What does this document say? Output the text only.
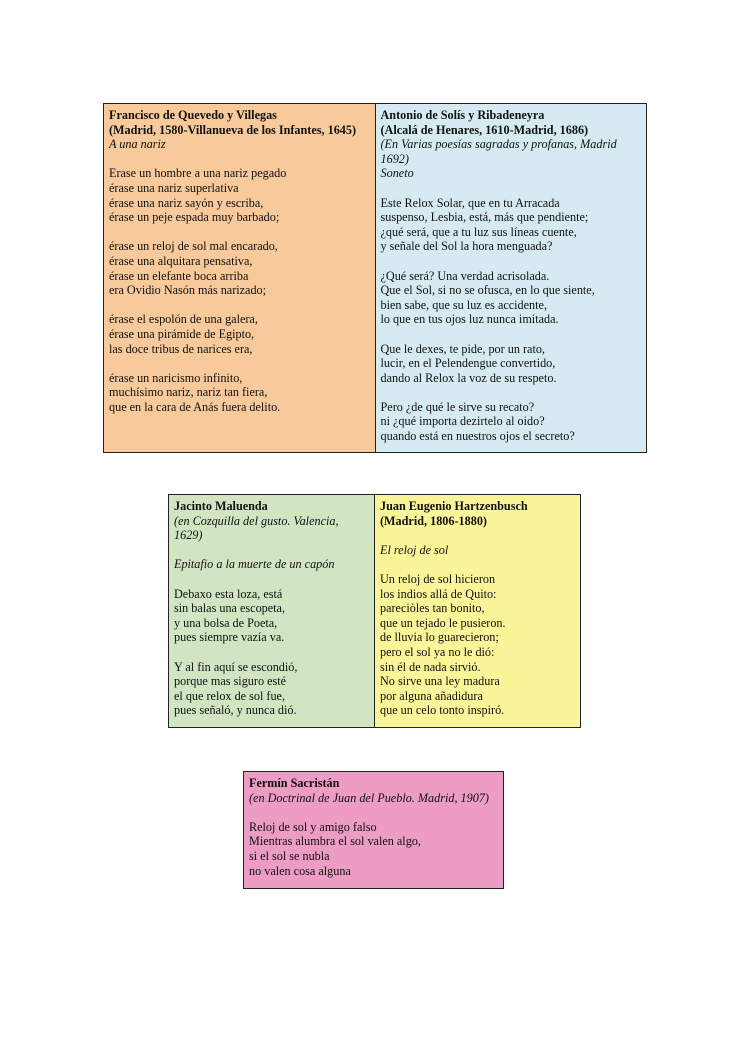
Francisco de Quevedo y Villegas
(Madrid, 1580-Villanueva de los Infantes, 1645)
A una nariz
Erase un hombre a una nariz pegado
érase una nariz superlativa
érase una nariz sayón y escriba,
érase un peje espada muy barbado;
érase un reloj de sol mal encarado,
érase una alquitara pensativa,
érase un elefante boca arriba
era Ovidio Nasón más narizado;
érase el espolón de una galera,
érase una pirámide de Egipto,
las doce tribus de narices era,
érase un naricismo infinito,
muchísimo nariz, nariz tan fiera,
que en la cara de Anás fuera delito.

Antonio de Solís y Ribadeneyra
(Alcalá de Henares, 1610-Madrid, 1686)
(En Varias poesías sagradas y profanas, Madrid 1692)
Soneto
Este Relox Solar, que en tu Arracada
suspenso, Lesbia, está, más que pendiente;
¿qué será, que a tu luz sus líneas cuente,
y señale del Sol la hora menguada?
¿Qué será? Una verdad acrisolada.
Que el Sol, si no se ofusca, en lo que siente,
bien sabe, que su luz es accidente,
lo que en tus ojos luz nunca imitada.
Que le dexes, te pide, por un rato,
lucir, en el Pelendengue convertido,
dando al Relox la voz de su respeto.
Pero ¿de qué le sirve su recato?
ni ¿qué importa dezirtelo al oido?
quando está en nuestros ojos el secreto?
Jacinto Maluenda
(en Cozquilla del gusto. Valencia, 1629)
Epitafio a la muerte de un capón
Debaxo esta loza, está
sin balas una escopeta,
y una bolsa de Poeta,
pues siempre vazía va.
Y al fin aquí se escondió,
porque mas siguro esté
el que relox de sol fue,
pues señaló, y nunca dió.

Juan Eugenio Hartzenbusch
(Madrid, 1806-1880)
El reloj de sol
Un reloj de sol hicieron
los indios allá de Quito:
pareciòles tan bonito,
que un tejado le pusieron.
de lluvia lo guarecieron;
pero el sol ya no le dió:
sin él de nada sirvió.
No sirve una ley madura
por alguna añadidura
que un celo tonto inspiró.
Fermín Sacristán
(en Doctrinal de Juan del Pueblo. Madrid, 1907)
Reloj de sol y amigo falso
Mientras alumbra el sol valen algo,
si el sol se nubla
no valen cosa alguna
